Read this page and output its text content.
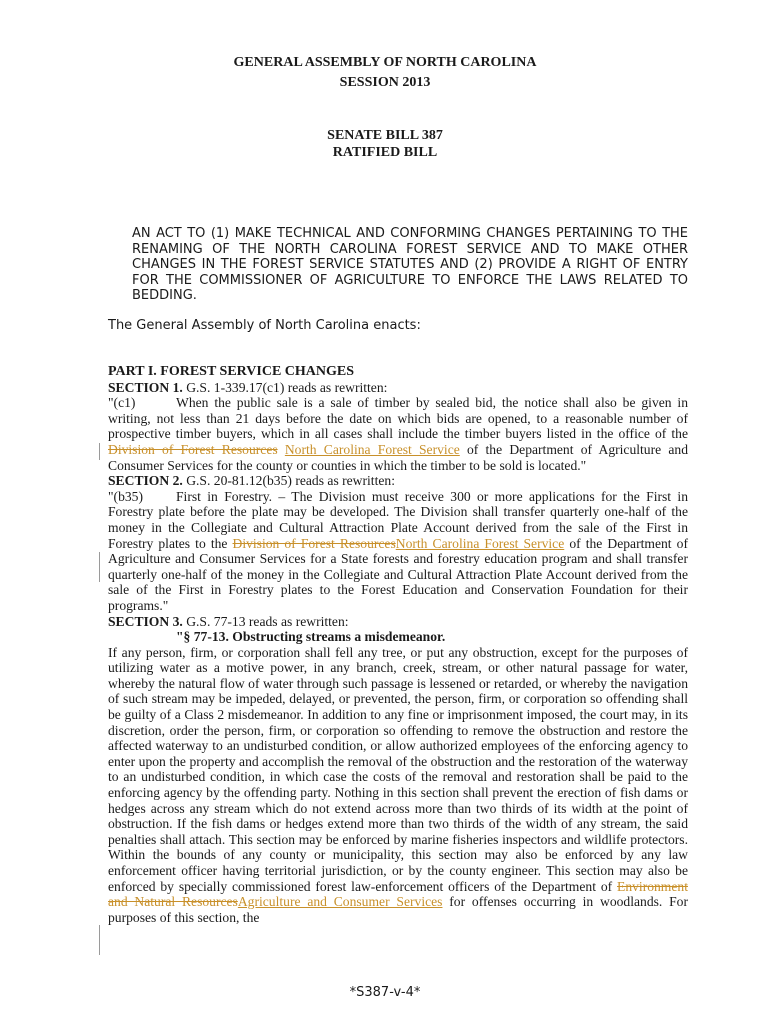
GENERAL ASSEMBLY OF NORTH CAROLINA
SESSION 2013
SENATE BILL 387
RATIFIED BILL
AN ACT TO (1) MAKE TECHNICAL AND CONFORMING CHANGES PERTAINING TO THE RENAMING OF THE NORTH CAROLINA FOREST SERVICE AND TO MAKE OTHER CHANGES IN THE FOREST SERVICE STATUTES AND (2) PROVIDE A RIGHT OF ENTRY FOR THE COMMISSIONER OF AGRICULTURE TO ENFORCE THE LAWS RELATED TO BEDDING.
The General Assembly of North Carolina enacts:
PART I. FOREST SERVICE CHANGES
SECTION 1. G.S. 1-339.17(c1) reads as rewritten:
"(c1)	When the public sale is a sale of timber by sealed bid, the notice shall also be given in writing, not less than 21 days before the date on which bids are opened, to a reasonable number of prospective timber buyers, which in all cases shall include the timber buyers listed in the office of the Division of Forest Resources North Carolina Forest Service of the Department of Agriculture and Consumer Services for the county or counties in which the timber to be sold is located."
SECTION 2. G.S. 20-81.12(b35) reads as rewritten:
"(b35) First in Forestry. – The Division must receive 300 or more applications for the First in Forestry plate before the plate may be developed. The Division shall transfer quarterly one-half of the money in the Collegiate and Cultural Attraction Plate Account derived from the sale of the First in Forestry plates to the Division of Forest ResourcesNorth Carolina Forest Service of the Department of Agriculture and Consumer Services for a State forests and forestry education program and shall transfer quarterly one-half of the money in the Collegiate and Cultural Attraction Plate Account derived from the sale of the First in Forestry plates to the Forest Education and Conservation Foundation for their programs."
SECTION 3. G.S. 77-13 reads as rewritten:
"§ 77-13. Obstructing streams a misdemeanor.
If any person, firm, or corporation shall fell any tree, or put any obstruction, except for the purposes of utilizing water as a motive power, in any branch, creek, stream, or other natural passage for water, whereby the natural flow of water through such passage is lessened or retarded, or whereby the navigation of such stream may be impeded, delayed, or prevented, the person, firm, or corporation so offending shall be guilty of a Class 2 misdemeanor. In addition to any fine or imprisonment imposed, the court may, in its discretion, order the person, firm, or corporation so offending to remove the obstruction and restore the affected waterway to an undisturbed condition, or allow authorized employees of the enforcing agency to enter upon the property and accomplish the removal of the obstruction and the restoration of the waterway to an undisturbed condition, in which case the costs of the removal and restoration shall be paid to the enforcing agency by the offending party. Nothing in this section shall prevent the erection of fish dams or hedges across any stream which do not extend across more than two thirds of its width at the point of obstruction. If the fish dams or hedges extend more than two thirds of the width of any stream, the said penalties shall attach. This section may be enforced by marine fisheries inspectors and wildlife protectors. Within the bounds of any county or municipality, this section may also be enforced by any law enforcement officer having territorial jurisdiction, or by the county engineer. This section may also be enforced by specially commissioned forest law-enforcement officers of the Department of Environment and Natural ResourcesAgriculture and Consumer Services for offenses occurring in woodlands. For purposes of this section, the
*S387-v-4*
